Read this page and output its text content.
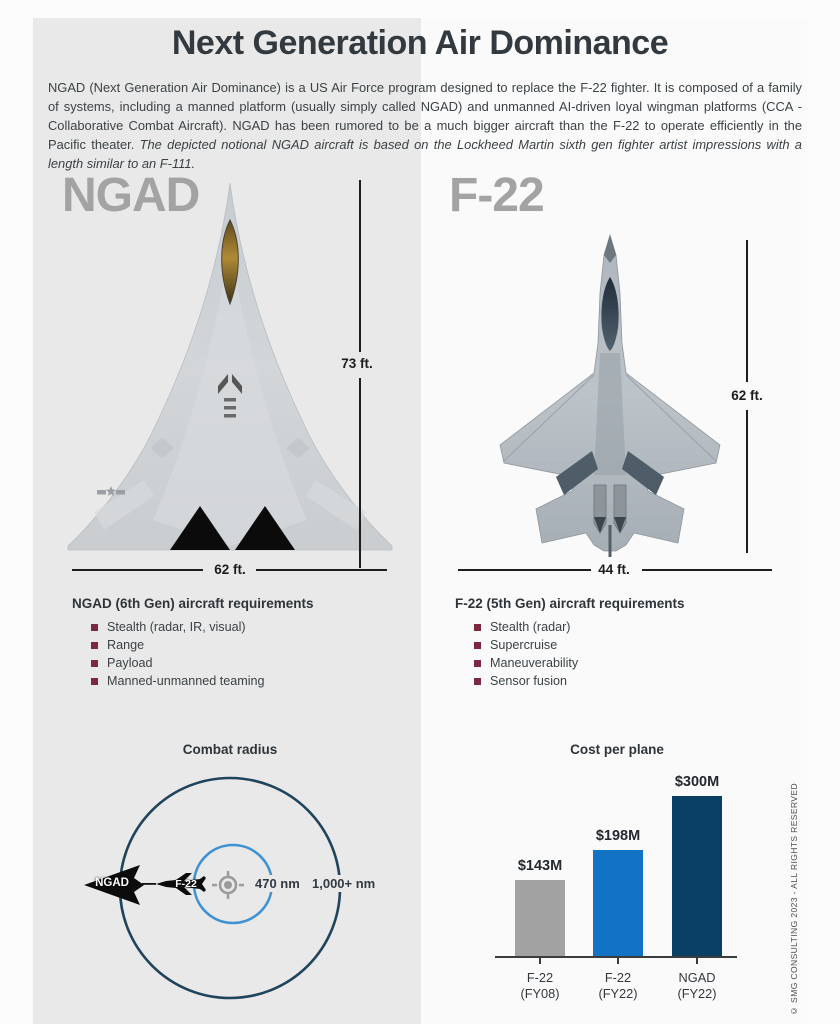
Next Generation Air Dominance
NGAD (Next Generation Air Dominance) is a US Air Force program designed to replace the F-22 fighter. It is composed of a family of systems, including a manned platform (usually simply called NGAD) and unmanned AI-driven loyal wingman platforms (CCA - Collaborative Combat Aircraft). NGAD has been rumored to be a much bigger aircraft than the F-22 to operate efficiently in the Pacific theater. The depicted notional NGAD aircraft is based on the Lockheed Martin sixth gen fighter artist impressions with a length similar to an F-111.
NGAD
73 ft.
62 ft.
NGAD (6th Gen) aircraft requirements
Stealth (radar, IR, visual)
Range
Payload
Manned-unmanned teaming
F-22
62 ft.
44 ft.
F-22 (5th Gen) aircraft requirements
Stealth (radar)
Supercruise
Maneuverability
Sensor fusion
Combat radius
NGAD	F-22	470 nm 1,000+ nm
Cost per plane
$143M
$198M
$300M
F-22
(FY08)
F-22
(FY22)
NGAD
(FY22)	© SMG CONSULTING 2023 - ALL RIGHTS RESERVED
